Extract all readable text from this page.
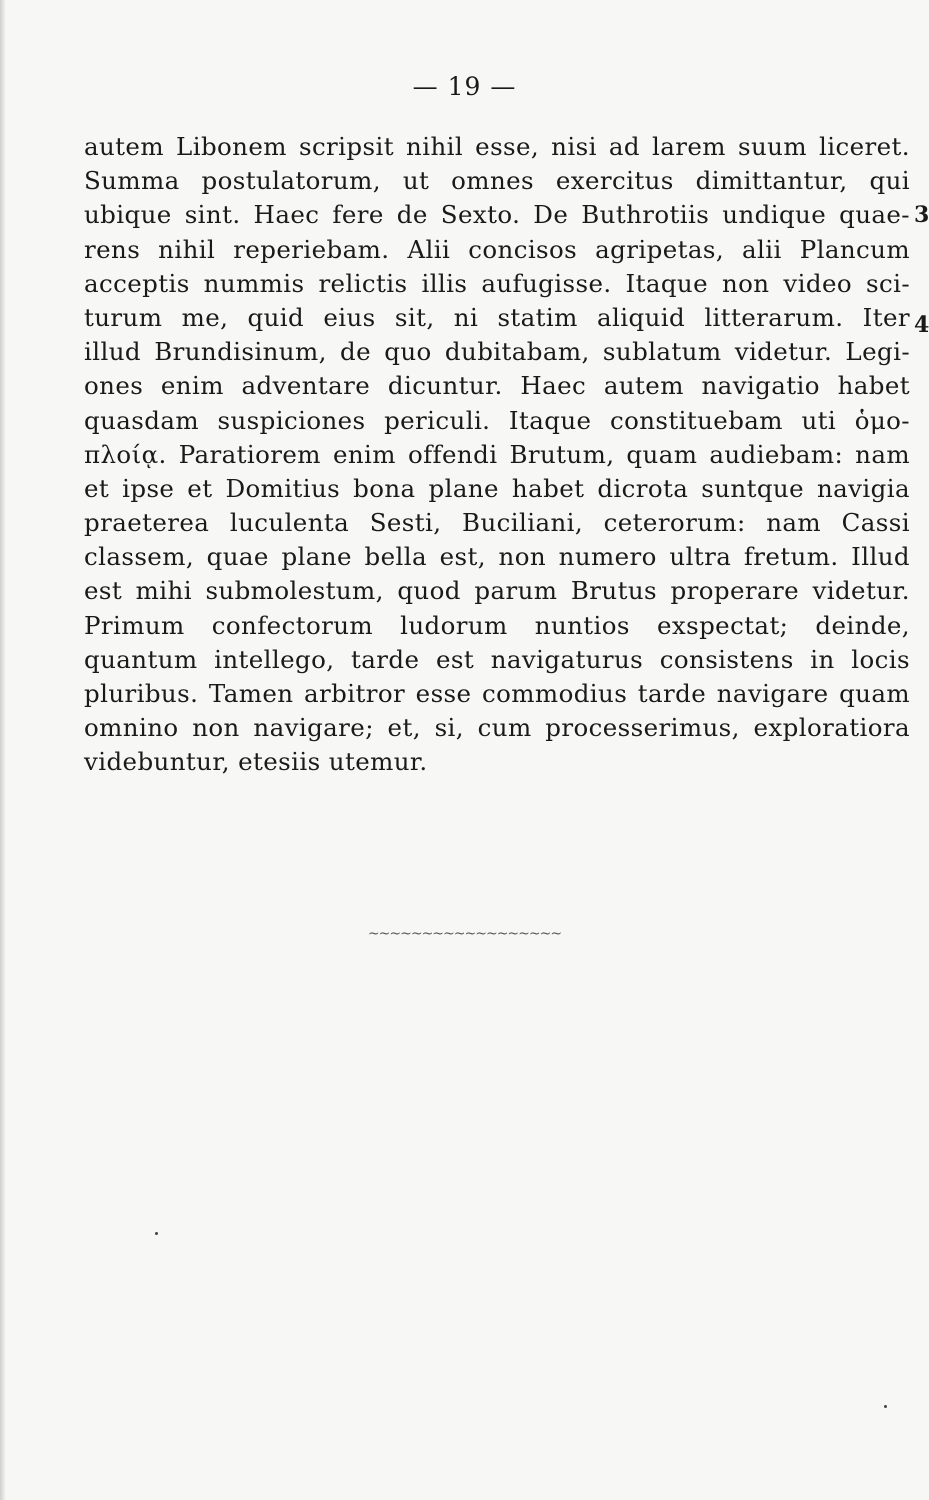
— 19 —
autem Libonem scripsit nihil esse, nisi ad larem suum liceret.
Summa postulatorum, ut omnes exercitus dimittantur, qui
ubique sint. Haec fere de Sexto. De Buthrotiis undique quae-
rens nihil reperiebam. Alii concisos agripetas, alii Plancum
acceptis nummis relictis illis aufugisse. Itaque non video sci-
turum me, quid eius sit, ni statim aliquid litterarum. Iter
illud Brundisinum, de quo dubitabam, sublatum videtur. Legi-
ones enim adventare dicuntur. Haec autem navigatio habet
quasdam suspiciones periculi. Itaque constituebam uti ὁμο-
πλοίᾳ. Paratiorem enim offendi Brutum, quam audiebam: nam
et ipse et Domitius bona plane habet dicrota suntque navigia
praeterea luculenta Sesti, Buciliani, ceterorum: nam Cassi
classem, quae plane bella est, non numero ultra fretum. Illud
est mihi submolestum, quod parum Brutus properare videtur.
Primum confectorum ludorum nuntios exspectat; deinde,
quantum intellego, tarde est navigaturus consistens in locis
pluribus. Tamen arbitror esse commodius tarde navigare quam
omnino non navigare; et, si, cum processerimus, exploratiora
videbuntur, etesiis utemur.
3
4
~~~~~~~~~~~~~~~~~~
